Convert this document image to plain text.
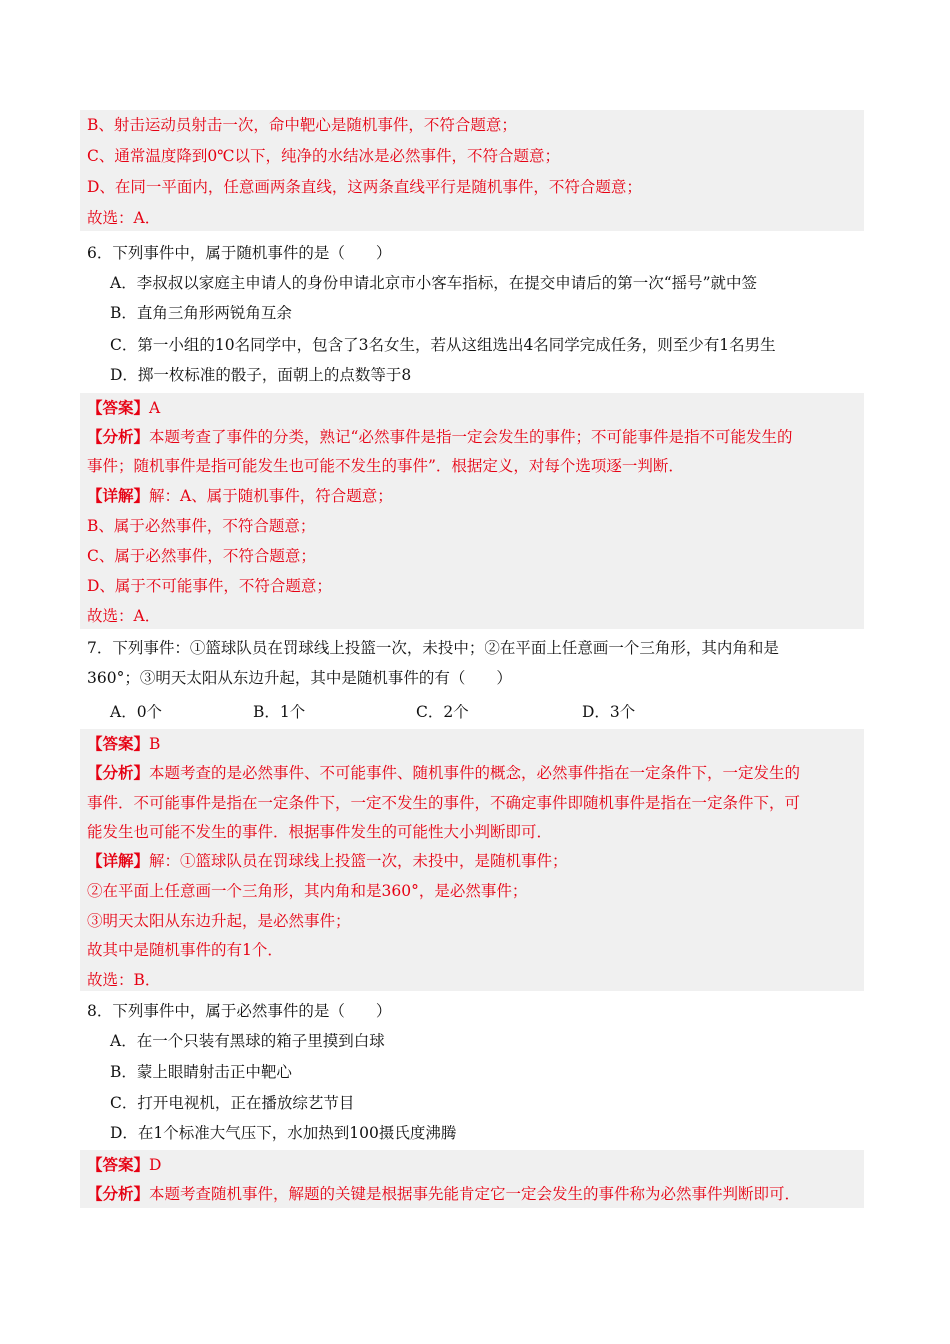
B、射击运动员射击一次，命中靶心是随机事件，不符合题意；
C、通常温度降到0℃以下，纯净的水结冰是必然事件，不符合题意；
D、在同一平面内，任意画两条直线，这两条直线平行是随机事件，不符合题意；
故选：A．
6．下列事件中，属于随机事件的是（　　）
A．李叔叔以家庭主申请人的身份申请北京市小客车指标，在提交申请后的第一次“摇号”就中签
B．直角三角形两锐角互余
C．第一小组的10名同学中，包含了3名女生，若从这组选出4名同学完成任务，则至少有1名男生
D．掷一枚标准的骰子，面朝上的点数等于8
【答案】A
【分析】本题考查了事件的分类，熟记“必然事件是指一定会发生的事件；不可能事件是指不可能发生的
事件；随机事件是指可能发生也可能不发生的事件”．根据定义，对每个选项逐一判断．
【详解】解：A、属于随机事件，符合题意；
B、属于必然事件，不符合题意；
C、属于必然事件，不符合题意；
D、属于不可能事件，不符合题意；
故选：A．
7．下列事件：①篮球队员在罚球线上投篮一次，未投中；②在平面上任意画一个三角形，其内角和是
360°；③明天太阳从东边升起，其中是随机事件的有（　　）
A．0个	B．1个	C．2个	D．3个
【答案】B
【分析】本题考查的是必然事件、不可能事件、随机事件的概念，必然事件指在一定条件下，一定发生的
事件．不可能事件是指在一定条件下，一定不发生的事件，不确定事件即随机事件是指在一定条件下，可
能发生也可能不发生的事件．根据事件发生的可能性大小判断即可．
【详解】解：①篮球队员在罚球线上投篮一次，未投中，是随机事件；
②在平面上任意画一个三角形，其内角和是360°，是必然事件；
③明天太阳从东边升起，是必然事件；
故其中是随机事件的有1个．
故选：B．
8．下列事件中，属于必然事件的是（　　）
A．在一个只装有黑球的箱子里摸到白球
B．蒙上眼睛射击正中靶心
C．打开电视机，正在播放综艺节目
D．在1个标准大气压下，水加热到100摄氏度沸腾
【答案】D
【分析】本题考查随机事件，解题的关键是根据事先能肯定它一定会发生的事件称为必然事件判断即可．
